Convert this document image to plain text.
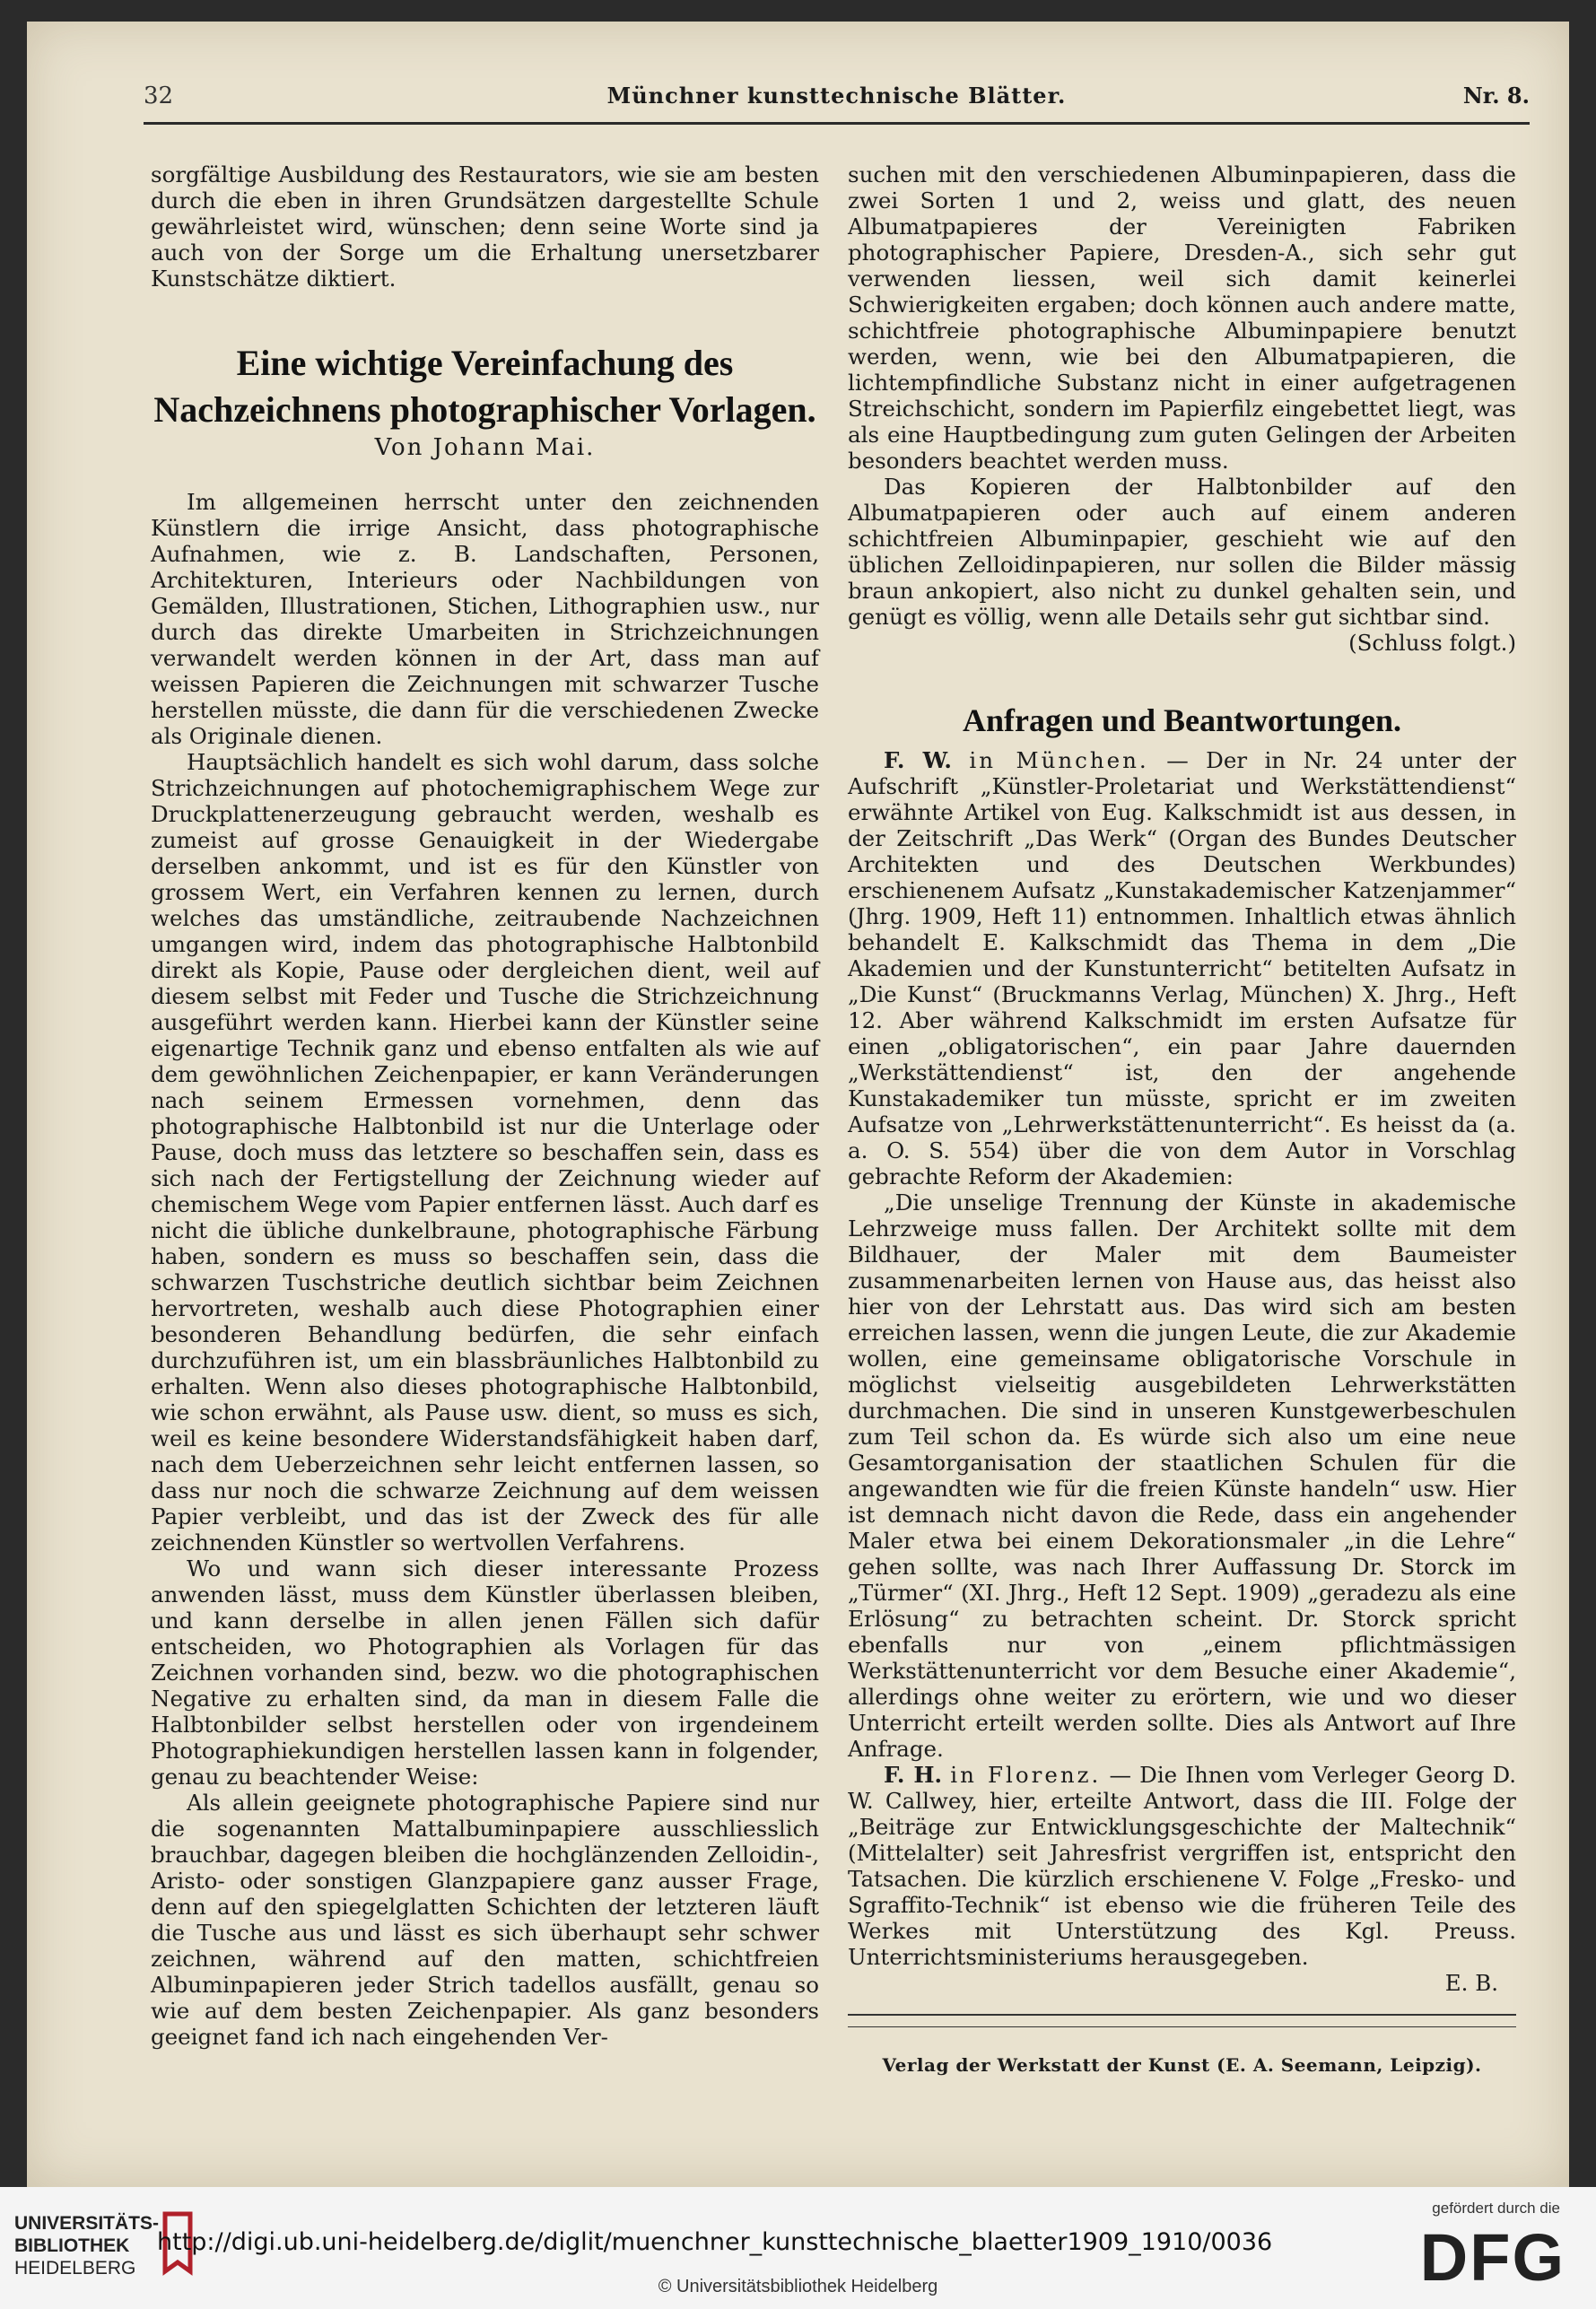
32	Münchner kunsttechnische Blätter.	Nr. 8.

sorgfältige Ausbildung des Restaurators, wie sie am besten durch die eben in ihren Grundsätzen dargestellte Schule gewährleistet wird, wünschen; denn seine Worte sind ja auch von der Sorge um die Erhaltung unersetzbarer Kunstschätze diktiert.

Eine wichtige Vereinfachung des Nachzeichnens photographischer Vorlagen.
Von Johann Mai.

Im allgemeinen herrscht unter den zeichnenden Künstlern die irrige Ansicht, dass photographische Aufnahmen, wie z. B. Landschaften, Personen, Architekturen, Interieurs oder Nachbildungen von Gemälden, Illustrationen, Stichen, Lithographien usw., nur durch das direkte Umarbeiten in Strichzeichnungen verwandelt werden können in der Art, dass man auf weissen Papieren die Zeichnungen mit schwarzer Tusche herstellen müsste, die dann für die verschiedenen Zwecke als Originale dienen.

Hauptsächlich handelt es sich wohl darum, dass solche Strichzeichnungen auf photochemigraphischem Wege zur Druckplattenerzeugung gebraucht werden, weshalb es zumeist auf grosse Genauigkeit in der Wiedergabe derselben ankommt, und ist es für den Künstler von grossem Wert, ein Verfahren kennen zu lernen, durch welches das umständliche, zeitraubende Nachzeichnen umgangen wird, indem das photographische Halbtonbild direkt als Kopie, Pause oder dergleichen dient, weil auf diesem selbst mit Feder und Tusche die Strichzeichnung ausgeführt werden kann. Hierbei kann der Künstler seine eigenartige Technik ganz und ebenso entfalten als wie auf dem gewöhnlichen Zeichenpapier, er kann Veränderungen nach seinem Ermessen vornehmen, denn das photographische Halbtonbild ist nur die Unterlage oder Pause, doch muss das letztere so beschaffen sein, dass es sich nach der Fertigstellung der Zeichnung wieder auf chemischem Wege vom Papier entfernen lässt. Auch darf es nicht die übliche dunkelbraune, photographische Färbung haben, sondern es muss so beschaffen sein, dass die schwarzen Tuschstriche deutlich sichtbar beim Zeichnen hervortreten, weshalb auch diese Photographien einer besonderen Behandlung bedürfen, die sehr einfach durchzuführen ist, um ein blassbräunliches Halbtonbild zu erhalten. Wenn also dieses photographische Halbtonbild, wie schon erwähnt, als Pause usw. dient, so muss es sich, weil es keine besondere Widerstandsfähigkeit haben darf, nach dem Ueberzeichnen sehr leicht entfernen lassen, so dass nur noch die schwarze Zeichnung auf dem weissen Papier verbleibt, und das ist der Zweck des für alle zeichnenden Künstler so wertvollen Verfahrens.

Wo und wann sich dieser interessante Prozess anwenden lässt, muss dem Künstler überlassen bleiben, und kann derselbe in allen jenen Fällen sich dafür entscheiden, wo Photographien als Vorlagen für das Zeichnen vorhanden sind, bezw. wo die photographischen Negative zu erhalten sind, da man in diesem Falle die Halbtonbilder selbst herstellen oder von irgendeinem Photographiekundigen herstellen lassen kann in folgender, genau zu beachtender Weise:

Als allein geeignete photographische Papiere sind nur die sogenannten Mattalbuminpapiere ausschliesslich brauchbar, dagegen bleiben die hochglänzenden Zelloidin-, Aristo- oder sonstigen Glanzpapiere ganz ausser Frage, denn auf den spiegelglatten Schichten der letzteren läuft die Tusche aus und lässt es sich überhaupt sehr schwer zeichnen, während auf den matten, schichtfreien Albuminpapieren jeder Strich tadellos ausfällt, genau so wie auf dem besten Zeichenpapier. Als ganz besonders geeignet fand ich nach eingehenden Ver-

suchen mit den verschiedenen Albuminpapieren, dass die zwei Sorten 1 und 2, weiss und glatt, des neuen Albumatpapieres der Vereinigten Fabriken photographischer Papiere, Dresden-A., sich sehr gut verwenden liessen, weil sich damit keinerlei Schwierigkeiten ergaben; doch können auch andere matte, schichtfreie photographische Albuminpapiere benutzt werden, wenn, wie bei den Albumatpapieren, die lichtempfindliche Substanz nicht in einer aufgetragenen Streichschicht, sondern im Papierfilz eingebettet liegt, was als eine Hauptbedingung zum guten Gelingen der Arbeiten besonders beachtet werden muss.

Das Kopieren der Halbtonbilder auf den Albumatpapieren oder auch auf einem anderen schichtfreien Albuminpapier, geschieht wie auf den üblichen Zelloidinpapieren, nur sollen die Bilder mässig braun ankopiert, also nicht zu dunkel gehalten sein, und genügt es völlig, wenn alle Details sehr gut sichtbar sind.

(Schluss folgt.)
Anfragen und Beantwortungen.

F. W. in München. — Der in Nr. 24 unter der Aufschrift „Künstler-Proletariat und Werkstättendienst“ erwähnte Artikel von Eug. Kalkschmidt ist aus dessen, in der Zeitschrift „Das Werk“ (Organ des Bundes Deutscher Architekten und des Deutschen Werkbundes) erschienenem Aufsatz „Kunstakademischer Katzenjammer“ (Jhrg. 1909, Heft 11) entnommen. Inhaltlich etwas ähnlich behandelt E. Kalkschmidt das Thema in dem „Die Akademien und der Kunstunterricht“ betitelten Aufsatz in „Die Kunst“ (Bruckmanns Verlag, München) X. Jhrg., Heft 12. Aber während Kalkschmidt im ersten Aufsatze für einen „obligatorischen“, ein paar Jahre dauernden „Werkstättendienst“ ist, den der angehende Kunstakademiker tun müsste, spricht er im zweiten Aufsatze von „Lehrwerkstättenunterricht“. Es heisst da (a. a. O. S. 554) über die von dem Autor in Vorschlag gebrachte Reform der Akademien:

„Die unselige Trennung der Künste in akademische Lehrzweige muss fallen. Der Architekt sollte mit dem Bildhauer, der Maler mit dem Baumeister zusammenarbeiten lernen von Hause aus, das heisst also hier von der Lehrstatt aus. Das wird sich am besten erreichen lassen, wenn die jungen Leute, die zur Akademie wollen, eine gemeinsame obligatorische Vorschule in möglichst vielseitig ausgebildeten Lehrwerkstätten durchmachen. Die sind in unseren Kunstgewerbeschulen zum Teil schon da. Es würde sich also um eine neue Gesamtorganisation der staatlichen Schulen für die angewandten wie für die freien Künste handeln“ usw. Hier ist demnach nicht davon die Rede, dass ein angehender Maler etwa bei einem Dekorationsmaler „in die Lehre“ gehen sollte, was nach Ihrer Auffassung Dr. Storck im „Türmer“ (XI. Jhrg., Heft 12 Sept. 1909) „geradezu als eine Erlösung“ zu betrachten scheint. Dr. Storck spricht ebenfalls nur von „einem pflichtmässigen Werkstättenunterricht vor dem Besuche einer Akademie“, allerdings ohne weiter zu erörtern, wie und wo dieser Unterricht erteilt werden sollte. Dies als Antwort auf Ihre Anfrage.

F. H. in Florenz. — Die Ihnen vom Verleger Georg D. W. Callwey, hier, erteilte Antwort, dass die III. Folge der „Beiträge zur Entwicklungsgeschichte der Maltechnik“ (Mittelalter) seit Jahresfrist vergriffen ist, entspricht den Tatsachen. Die kürzlich erschienene V. Folge „Fresko- und Sgraffito-Technik“ ist ebenso wie die früheren Teile des Werkes mit Unterstützung des Kgl. Preuss. Unterrichtsministeriums herausgegeben.

E. B.
Verlag der Werkstatt der Kunst (E. A. Seemann, Leipzig).
UNIVERSITÄTS-
BIBLIOTHEK
HEIDELBERG
http://digi.ub.uni-heidelberg.de/diglit/muenchner_kunsttechnische_blaetter1909_1910/0036
© Universitätsbibliothek Heidelberg
gefördert durch die
DFG
